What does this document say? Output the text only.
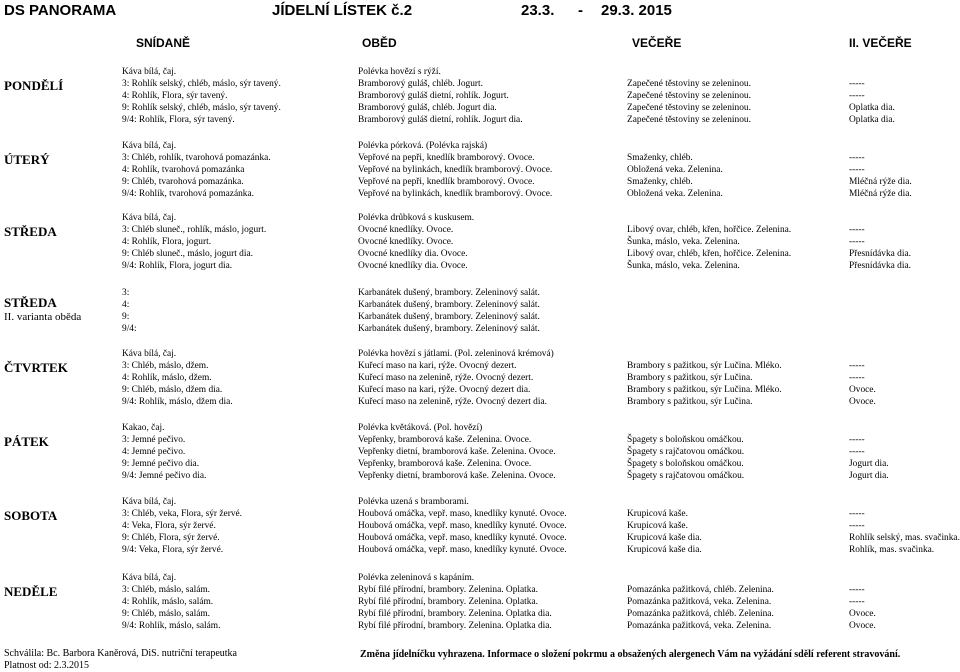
DS PANORAMA	JÍDELNÍ LÍSTEK č.2	23.3. - 29.3. 2015
SNÍDANĚ	OBĚD	VEČEŘE	II. VEČEŘE
PONDĚLÍ
Káva bílá, čaj.	Polévka hovězí s rýží.
3: Rohlík selský, chléb, máslo, sýr tavený.	Bramborový guláš, chléb. Jogurt.	Zapečené těstoviny se zeleninou.	-----
4: Rohlík, Flora, sýr tavený.	Bramborový guláš dietní, rohlík. Jogurt.	Zapečené těstoviny se zeleninou.	-----
9: Rohlík selský, chléb, máslo, sýr tavený.	Bramborový guláš, chléb. Jogurt dia.	Zapečené těstoviny se zeleninou.	Oplatka dia.
9/4: Rohlík, Flora, sýr tavený.	Bramborový guláš dietní, rohlík. Jogurt dia.	Zapečené těstoviny se zeleninou.	Oplatka dia.
ÚTERÝ
Káva bílá, čaj.	Polévka pórková. (Polévka rajská)
3: Chléb, rohlík, tvarohová pomazánka.	Vepřové na pepři, knedlík bramborový. Ovoce.	Smaženky, chléb.	-----
4: Rohlík, tvarohová pomazánka	Vepřové na bylinkách, knedlík bramborový. Ovoce.	Obložená veka. Zelenina.	-----
9: Chléb, tvarohová pomazánka.	Vepřové na pepři, knedlík bramborový. Ovoce.	Smaženky, chléb.	Mléčná rýže dia.
9/4: Rohlík, tvarohová pomazánka.	Vepřové na bylinkách, knedlík bramborový. Ovoce.	Obložená veka. Zelenina.	Mléčná rýže dia.
STŘEDA
Káva bílá, čaj.	Polévka drůbková s kuskusem.
3: Chléb sluneč., rohlík, máslo, jogurt.	Ovocné knedlíky. Ovoce.	Libový ovar, chléb, křen, hořčice. Zelenina.	-----
4: Rohlík, Flora, jogurt.	Ovocné knedlíky. Ovoce.	Šunka, máslo, veka. Zelenina.	-----
9: Chléb sluneč., máslo, jogurt dia.	Ovocné knedlíky dia. Ovoce.	Libový ovar, chléb, křen, hořčice. Zelenina.	Přesnídávka dia.
9/4: Rohlík, Flora, jogurt dia.	Ovocné knedlíky dia. Ovoce.	Šunka, máslo, veka. Zelenina.	Přesnídávka dia.
STŘEDA
II. varianta oběda
3:	Karbanátek dušený, brambory. Zeleninový salát.
4:	Karbanátek dušený, brambory. Zeleninový salát.
9:	Karbanátek dušený, brambory. Zeleninový salát.
9/4:	Karbanátek dušený, brambory. Zeleninový salát.
ČTVRTEK
Káva bílá, čaj.	Polévka hovězí s játlami. (Pol. zeleninová krémová)
3: Chléb, máslo, džem.	Kuřecí maso na kari, rýže. Ovocný dezert.	Brambory s pažitkou, sýr Lučina. Mléko.	-----
4: Rohlík, máslo, džem.	Kuřecí maso na zelenině, rýže. Ovocný dezert.	Brambory s pažitkou, sýr Lučina.	-----
9: Chléb, máslo, džem dia.	Kuřecí maso na kari, rýže. Ovocný dezert dia.	Brambory s pažitkou, sýr Lučina. Mléko.	Ovoce.
9/4: Rohlík, máslo, džem dia.	Kuřecí maso na zelenině, rýže. Ovocný dezert dia.	Brambory s pažitkou, sýr Lučina.	Ovoce.
PÁTEK
Kakao, čaj.	Polévka květáková. (Pol. hovězí)
3: Jemné pečivo.	Vepřenky, bramborová kaše. Zelenina. Ovoce.	Špagety s boloňskou omáčkou.	-----
4: Jemné pečivo.	Vepřenky dietní, bramborová kaše. Zelenina. Ovoce.	Špagety s rajčatovou omáčkou.	-----
9: Jemné pečivo dia.	Vepřenky, bramborová kaše. Zelenina. Ovoce.	Špagety s boloňskou omáčkou.	Jogurt dia.
9/4: Jemné pečivo dia.	Vepřenky dietní, bramborová kaše. Zelenina. Ovoce.	Špagety s rajčatovou omáčkou.	Jogurt dia.
SOBOTA
Káva bílá, čaj.	Polévka uzená s bramborami.
3: Chléb, veka, Flora, sýr žervé.	Houbová omáčka, vepř. maso, knedlíky kynuté. Ovoce.	Krupicová kaše.	-----
4: Veka, Flora, sýr žervé.	Houbová omáčka, vepř. maso, knedlíky kynuté. Ovoce.	Krupicová kaše.	-----
9: Chléb, Flora, sýr žervé.	Houbová omáčka, vepř. maso, knedlíky kynuté. Ovoce.	Krupicová kaše dia.	Rohlík selský, mas. svačinka.
9/4: Veka, Flora, sýr žervé.	Houbová omáčka, vepř. maso, knedlíky kynuté. Ovoce.	Krupicová kaše dia.	Rohlík, mas. svačinka.
NEDĚLE
Káva bílá, čaj.	Polévka zeleninová s kapáním.
3: Chléb, máslo, salám.	Rybí filé přírodní, brambory. Zelenina. Oplatka.	Pomazánka pažitková, chléb. Zelenina.	-----
4: Rohlík, máslo, salám.	Rybí filé přírodní, brambory. Zelenina. Oplatka.	Pomazánka pažitková, veka. Zelenina.	-----
9: Chléb, máslo, salám.	Rybí filé přírodní, brambory. Zelenina. Oplatka dia.	Pomazánka pažitková, chléb. Zelenina.	Ovoce.
9/4: Rohlík, máslo, salám.	Rybí filé přírodní, brambory. Zelenina. Oplatka dia.	Pomazánka pažitková, veka. Zelenina.	Ovoce.
Schválila: Bc. Barbora Kaněrová, DiS. nutriční terapeutka
Platnost od: 2.3.2015
Změna jídelníčku vyhrazena. Informace o složení pokrmu a obsažených alergenech Vám na vyžádání sdělí referent stravování.
